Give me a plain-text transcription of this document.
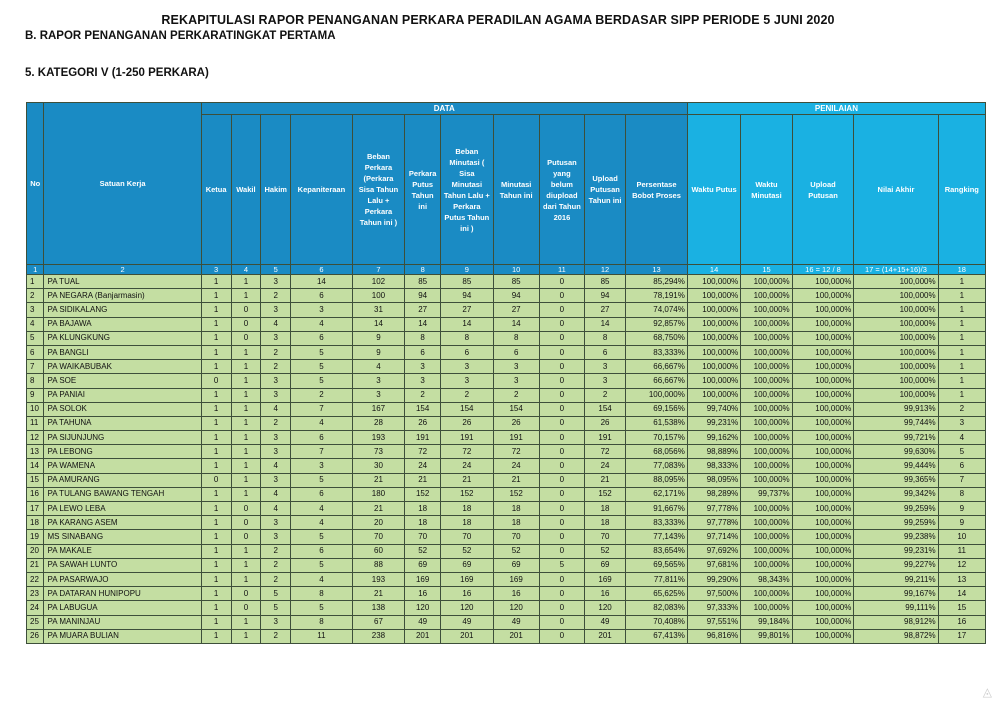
REKAPITULASI RAPOR PENANGANAN PERKARA PERADILAN AGAMA BERDASAR SIPP PERIODE 5 JUNI 2020
B. RAPOR PENANGANAN PERKARATINGKAT PERTAMA
5. KATEGORI V (1-250 PERKARA)
No	Satuan Kerja	DATA											PENILAIAN				
		Ketua	Wakil	Hakim	Kepaniteraan	Beban Perkara (Perkara Sisa Tahun Lalu + Perkara Tahun ini )	Perkara Putus Tahun ini	Beban Minutasi ( Sisa Minutasi Tahun Lalu + Perkara Putus Tahun ini )	Minutasi Tahun ini	Putusan yang belum diupload dari Tahun 2016	Upload Putusan Tahun ini	Persentase Bobot Proses	Waktu Putus	Waktu Minutasi	Upload Putusan	Nilai Akhir	Rangking
1	2	3	4	5	6	7	8	9	10	11	12	13	14	15	16 = 12 / 8	17 = (14+15+16)/3	18
1	PA TUAL	1	1	3	14	102	85	85	85	0	85	85,294%	100,000%	100,000%	100,000%	100,000%	1
2	PA NEGARA (Banjarmasin)	1	1	2	6	100	94	94	94	0	94	78,191%	100,000%	100,000%	100,000%	100,000%	1
3	PA SIDIKALANG	1	0	3	3	31	27	27	27	0	27	74,074%	100,000%	100,000%	100,000%	100,000%	1
4	PA BAJAWA	1	0	4	4	14	14	14	14	0	14	92,857%	100,000%	100,000%	100,000%	100,000%	1
5	PA KLUNGKUNG	1	0	3	6	9	8	8	8	0	8	68,750%	100,000%	100,000%	100,000%	100,000%	1
6	PA BANGLI	1	1	2	5	9	6	6	6	0	6	83,333%	100,000%	100,000%	100,000%	100,000%	1
7	PA WAIKABUBAK	1	1	2	5	4	3	3	3	0	3	66,667%	100,000%	100,000%	100,000%	100,000%	1
8	PA SOE	0	1	3	5	3	3	3	3	0	3	66,667%	100,000%	100,000%	100,000%	100,000%	1
9	PA PANIAI	1	1	3	2	3	2	2	2	0	2	100,000%	100,000%	100,000%	100,000%	100,000%	1
10	PA SOLOK	1	1	4	7	167	154	154	154	0	154	69,156%	99,740%	100,000%	100,000%	99,913%	2
11	PA TAHUNA	1	1	2	4	28	26	26	26	0	26	61,538%	99,231%	100,000%	100,000%	99,744%	3
12	PA SIJUNJUNG	1	1	3	6	193	191	191	191	0	191	70,157%	99,162%	100,000%	100,000%	99,721%	4
13	PA LEBONG	1	1	3	7	73	72	72	72	0	72	68,056%	98,889%	100,000%	100,000%	99,630%	5
14	PA WAMENA	1	1	4	3	30	24	24	24	0	24	77,083%	98,333%	100,000%	100,000%	99,444%	6
15	PA AMURANG	0	1	3	5	21	21	21	21	0	21	88,095%	98,095%	100,000%	100,000%	99,365%	7
16	PA TULANG BAWANG TENGAH	1	1	4	6	180	152	152	152	0	152	62,171%	98,289%	99,737%	100,000%	99,342%	8
17	PA LEWO LEBA	1	0	4	4	21	18	18	18	0	18	91,667%	97,778%	100,000%	100,000%	99,259%	9
18	PA KARANG ASEM	1	0	3	4	20	18	18	18	0	18	83,333%	97,778%	100,000%	100,000%	99,259%	9
19	MS SINABANG	1	0	3	5	70	70	70	70	0	70	77,143%	97,714%	100,000%	100,000%	99,238%	10
20	PA MAKALE	1	1	2	6	60	52	52	52	0	52	83,654%	97,692%	100,000%	100,000%	99,231%	11
21	PA SAWAH LUNTO	1	1	2	5	88	69	69	69	5	69	69,565%	97,681%	100,000%	100,000%	99,227%	12
22	PA PASARWAJO	1	1	2	4	193	169	169	169	0	169	77,811%	99,290%	98,343%	100,000%	99,211%	13
23	PA DATARAN HUNIPOPU	1	0	5	8	21	16	16	16	0	16	65,625%	97,500%	100,000%	100,000%	99,167%	14
24	PA LABUGUA	1	0	5	5	138	120	120	120	0	120	82,083%	97,333%	100,000%	100,000%	99,111%	15
25	PA MANINJAU	1	1	3	8	67	49	49	49	0	49	70,408%	97,551%	99,184%	100,000%	98,912%	16
26	PA MUARA BULIAN	1	1	2	11	238	201	201	201	0	201	67,413%	96,816%	99,801%	100,000%	98,872%	17
◬
